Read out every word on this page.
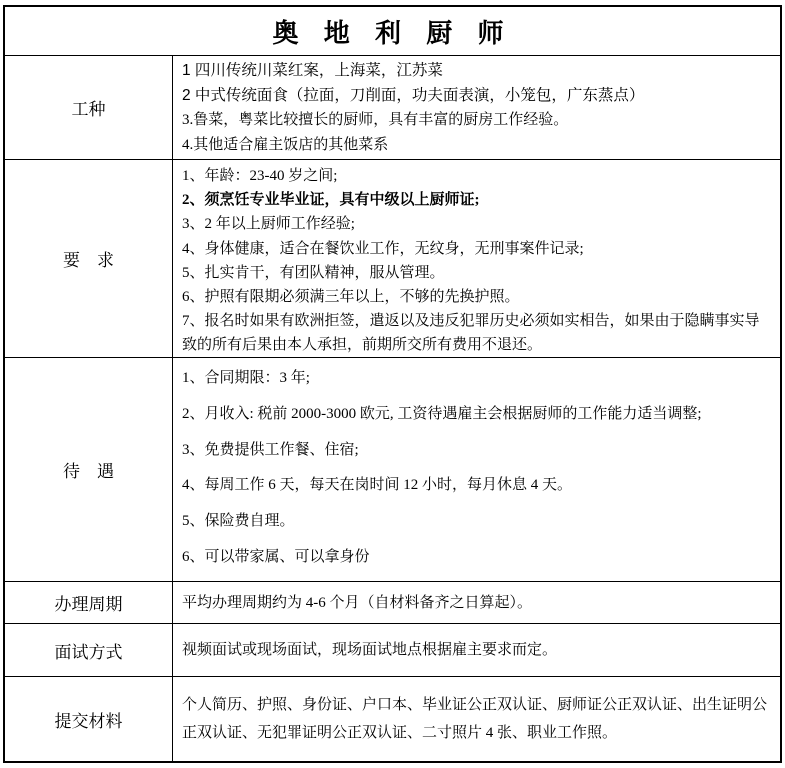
奥 地 利 厨 师
工种
1 四川传统川菜红案，上海菜，江苏菜
2 中式传统面食（拉面，刀削面，功夫面表演，小笼包，广东蒸点）
3.鲁菜，粤菜比较擅长的厨师，具有丰富的厨房工作经验。
4.其他适合雇主饭店的其他菜系
要    求
1、年龄：23-40 岁之间;
2、须烹饪专业毕业证，具有中级以上厨师证;
3、2 年以上厨师工作经验;
4、身体健康，适合在餐饮业工作，无纹身，无刑事案件记录;
5、扎实肯干，有团队精神，服从管理。
6、护照有限期必须满三年以上，不够的先换护照。
7、报名时如果有欧洲拒签，遣返以及违反犯罪历史必须如实相告，如果由于隐瞒事实导致的所有后果由本人承担，前期所交所有费用不退还。
待    遇
1、合同期限：3 年;
2、月收入: 税前 2000-3000 欧元, 工资待遇雇主会根据厨师的工作能力适当调整;
3、免费提供工作餐、住宿;
4、每周工作 6 天，每天在岗时间 12 小时，每月休息 4 天。
5、保险费自理。
6、可以带家属、可以拿身份
办理周期	平均办理周期约为 4-6 个月（自材料备齐之日算起）。
面试方式	视频面试或现场面试，现场面试地点根据雇主要求而定。
提交材料
个人简历、护照、身份证、户口本、毕业证公正双认证、厨师证公正双认证、出生证明公正双认证、无犯罪证明公正双认证、二寸照片 4 张、职业工作照。
